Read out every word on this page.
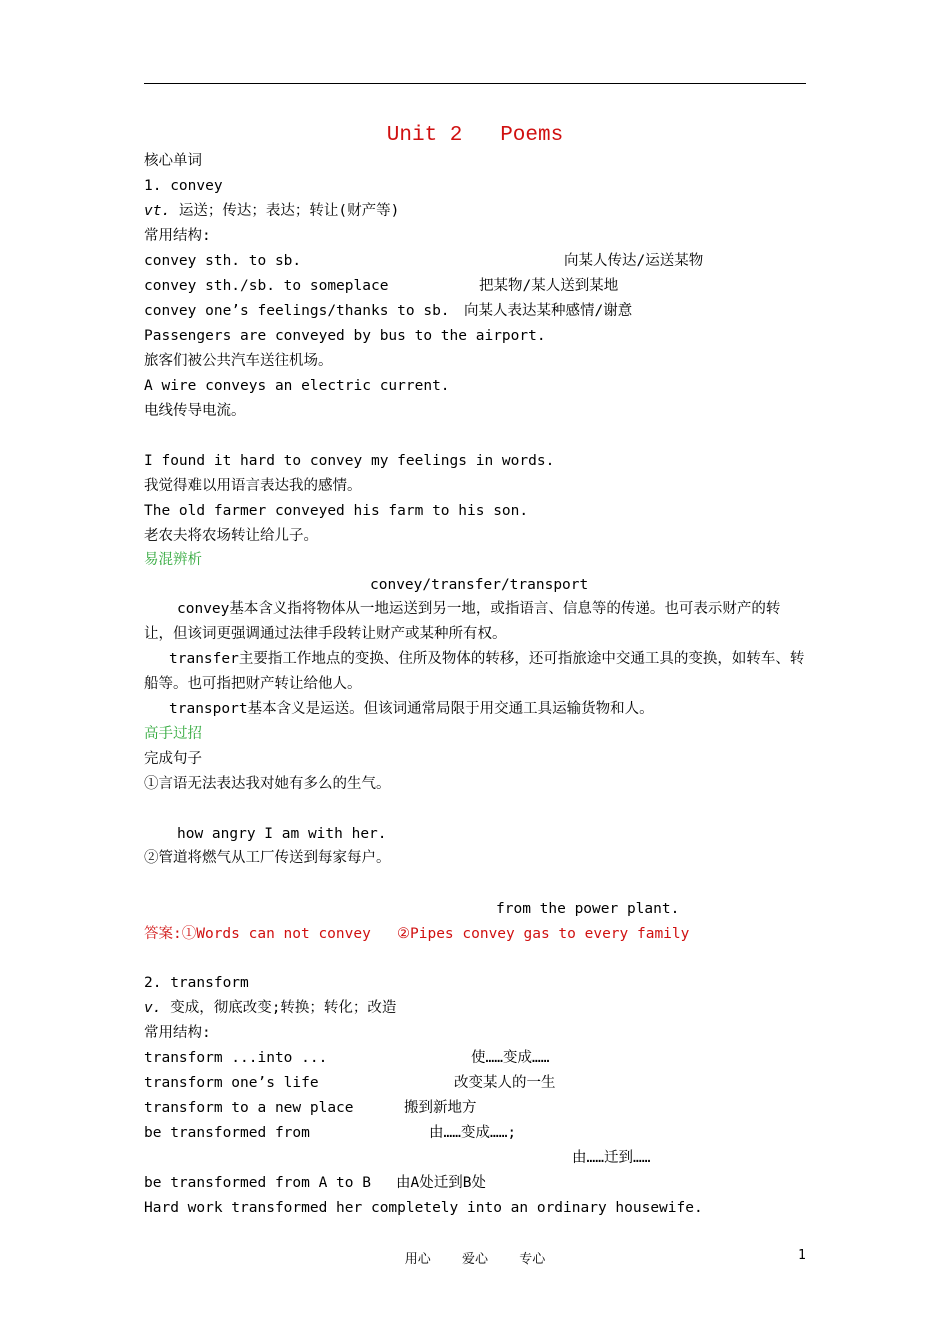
Unit 2   Poems
核心单词
1. convey
vt. 运送；传达；表达；转让(财产等)
常用结构:
convey sth. to sb.	向某人传达/运送某物
convey sth./sb. to someplace	把某物/某人送到某地
convey one’s feelings/thanks to sb. 向某人表达某种感情/谢意
Passengers are conveyed by bus to the airport.
旅客们被公共汽车送往机场。
A wire conveys an electric current.
电线传导电流。
I found it hard to convey my feelings in words.
我觉得难以用语言表达我的感情。
The old farmer conveyed his farm to his son.
老农夫将农场转让给儿子。
易混辨析
convey/transfer/transport
convey基本含义指将物体从一地运送到另一地，或指语言、信息等的传递。也可表示财产的转让，但该词更强调通过法律手段转让财产或某种所有权。
transfer主要指工作地点的变换、住所及物体的转移，还可指旅途中交通工具的变换，如转车、转船等。也可指把财产转让给他人。
transport基本含义是运送。但该词通常局限于用交通工具运输货物和人。
高手过招
完成句子
①言语无法表达我对她有多么的生气。
how angry I am with her.
②管道将燃气从工厂传送到每家每户。
from the power plant.
答案:①Words can not convey   ②Pipes convey gas to every family
2. transform
v. 变成，彻底改变;转换；转化；改造
常用结构:
transform ...into ...	使……变成……
transform one’s life	改变某人的一生
transform to a new place	搬到新地方
be transformed from	由……变成……;
由……迁到……
be transformed from A to B 由A处迁到B处
Hard work transformed her completely into an ordinary housewife.
用心    爱心    专心	1
